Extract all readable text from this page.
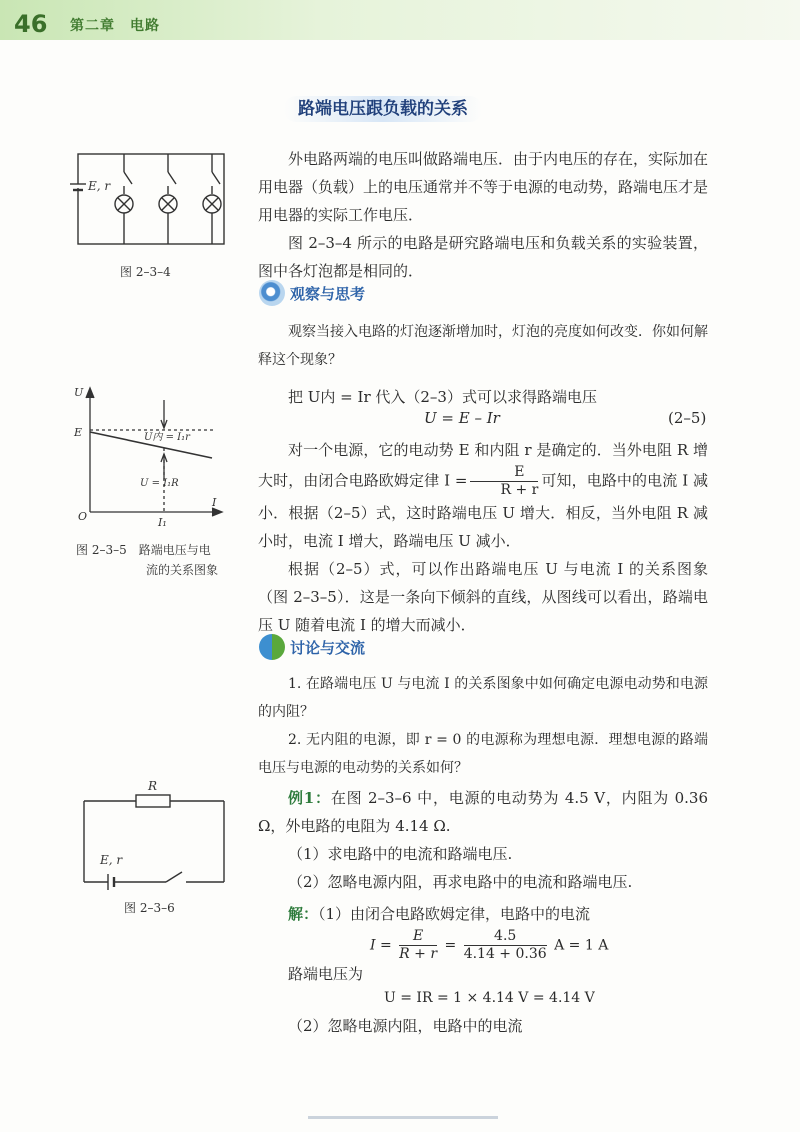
46 第二章　电路
路端电压跟负载的关系
E, r
图 2–3–4

外电路两端的电压叫做路端电压．由于内电压的存在，实际加在用电器（负载）上的电压通常并不等于电源的电动势，路端电压才是用电器的实际工作电压．

图 2–3–4 所示的电路是研究路端电压和负载关系的实验装置，图中各灯泡都是相同的．

观察与思考

观察当接入电路的灯泡逐渐增加时，灯泡的亮度如何改变．你如何解释这个现象？

U
E
O
I
U内 = I₁r
U = I₁R
I₁
图 2–3–5　路端电压与电
流的关系图象

把 U内 = Ir 代入（2–3）式可以求得路端电压

U = E – Ir	(2–5)

对一个电源，它的电动势 E 和内阻 r 是确定的．当外电阻 R 增大时，由闭合电路欧姆定律 $I = \frac{E}{R + r}$ 可知，电路中的电流 I 减小．根据（2–5）式，这时路端电压 U 增大．相反，当外电阻 R 减小时，电流 I 增大，路端电压 U 减小．

根据（2–5）式，可以作出路端电压 U 与电流 I 的关系图象（图 2–3–5）．这是一条向下倾斜的直线，从图线可以看出，路端电压 U 随着电流 I 的增大而减小．

讨论与交流

1. 在路端电压 U 与电流 I 的关系图象中如何确定电源电动势和电源的内阻？

2. 无内阻的电源，即 r = 0 的电源称为理想电源．理想电源的路端电压与电源的电动势的关系如何？

R
E, r
图 2–3–6

例1：在图 2–3–6 中，电源的电动势为 4.5 V，内阻为 0.36 Ω，外电路的电阻为 4.14 Ω.

（1）求电路中的电流和路端电压.

（2）忽略电源内阻，再求电路中的电流和路端电压.

解：（1）由闭合电路欧姆定律，电路中的电流

$I = \frac{E}{R + r} = \frac{4.5}{4.14 + 0.36}$ A = 1 A

路端电压为

U = IR = 1 × 4.14 V = 4.14 V

（2）忽略电源内阻，电路中的电流
